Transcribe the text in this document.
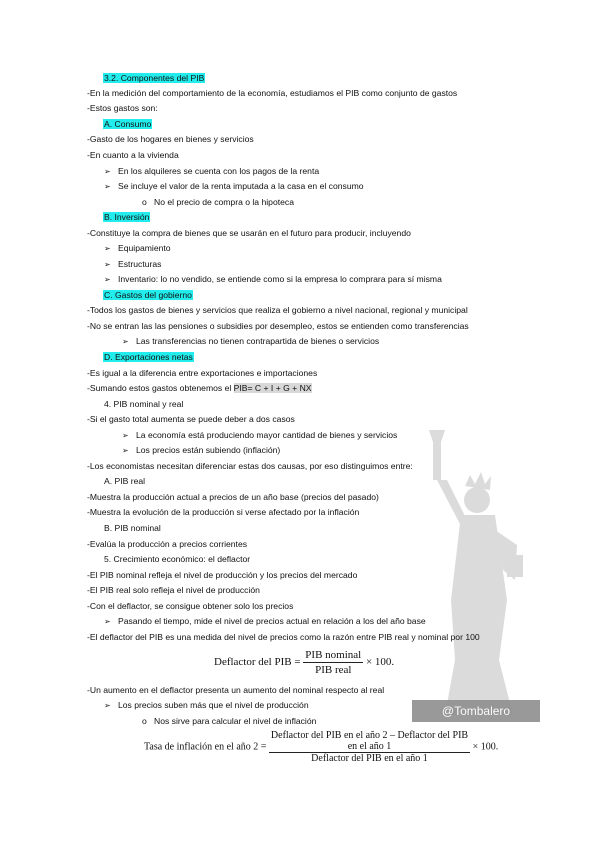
@Tombalero
3.2. Componentes del PIB
-En la medición del comportamiento de la economía, estudiamos el PIB como conjunto de gastos
-Estos gastos son:
A. Consumo
-Gasto de los hogares en bienes y servicios
-En cuanto a la vivienda
➢ En los alquileres se cuenta con los pagos de la renta
➢ Se incluye el valor de la renta imputada a la casa en el consumo
o No el precio de compra o la hipoteca
B. Inversión
-Constituye la compra de bienes que se usarán en el futuro para producir, incluyendo
➢ Equipamiento
➢ Estructuras
➢ Inventario: lo no vendido, se entiende como si la empresa lo comprara para sí misma
C. Gastos del gobierno
-Todos los gastos de bienes y servicios que realiza el gobierno a nivel nacional, regional y municipal
-No se entran las las pensiones o subsidies por desempleo, estos se entienden como transferencias
➢ Las transferencias no tienen contrapartida de bienes o servicios
D. Exportaciones netas
-Es igual a la diferencia entre exportaciones e importaciones
-Sumando estos gastos obtenemos el PIB= C + I + G + NX
4. PIB nominal y real
-Si el gasto total aumenta se puede deber a dos casos
➢ La economía está produciendo mayor cantidad de bienes y servicios
➢ Los precios están subiendo (inflación)
-Los economistas necesitan diferenciar estas dos causas, por eso distinguimos entre:
A. PIB real
-Muestra la producción actual a precios de un año base (precios del pasado)
-Muestra la evolución de la producción si verse afectado por la inflación
B. PIB nominal
-Evalúa la producción a precios corrientes
5. Crecimiento económico: el deflactor
-El PIB nominal refleja el nivel de producción y los precios del mercado
-El PIB real solo refleja el nivel de producción
-Con el deflactor, se consigue obtener solo los precios
➢ Pasando el tiempo, mide el nivel de precios actual en relación a los del año base
-El deflactor del PIB es una medida del nivel de precios como la razón entre PIB real y nominal por 100
Deflactor del PIB = $\frac{\text{PIB nominal}}{\text{PIB real}} \times 100$.
-Un aumento en el deflactor presenta un aumento del nominal respecto al real
➢ Los precios suben más que el nivel de producción
o Nos sirve para calcular el nivel de inflación
Tasa de inflación en el año 2 = Deflactor del PIB en el año 2 – Deflactor del PIB
en el año 1
Deflactor del PIB en el año 1 × 100.
